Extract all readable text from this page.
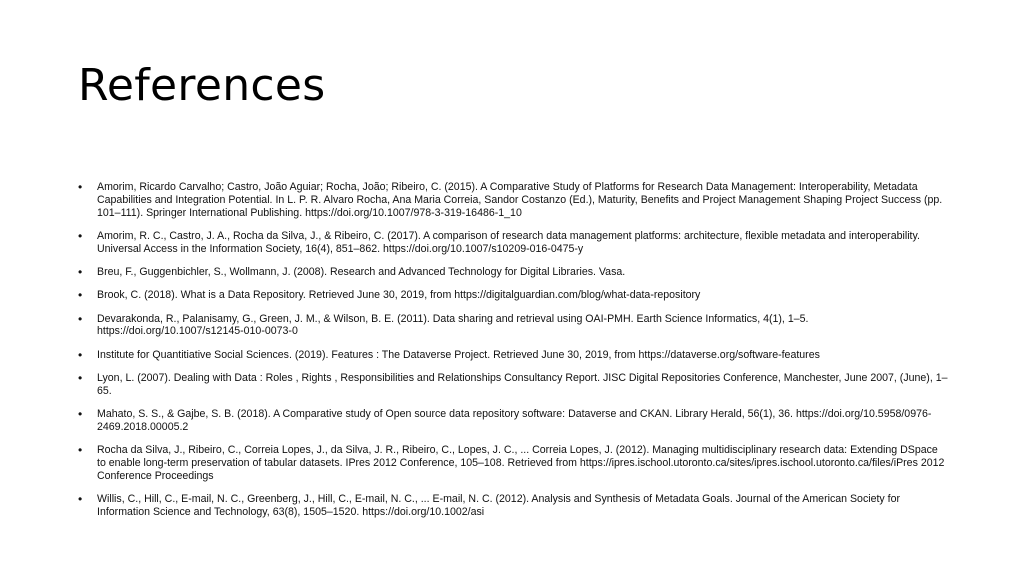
References
• Amorim, Ricardo Carvalho; Castro, João Aguiar; Rocha, João; Ribeiro, C. (2015). A Comparative Study of Platforms for Research Data Management: Interoperability, Metadata Capabilities and Integration Potential. In L. P. R. Alvaro Rocha, Ana Maria Correia, Sandor Costanzo (Ed.), Maturity, Benefits and Project Management Shaping Project Success (pp. 101–111). Springer International Publishing. https://doi.org/10.1007/978-3-319-16486-1_10
• Amorim, R. C., Castro, J. A., Rocha da Silva, J., & Ribeiro, C. (2017). A comparison of research data management platforms: architecture, flexible metadata and interoperability. Universal Access in the Information Society, 16(4), 851–862. https://doi.org/10.1007/s10209-016-0475-y
• Breu, F., Guggenbichler, S., Wollmann, J. (2008). Research and Advanced Technology for Digital Libraries. Vasa.
• Brook, C. (2018). What is a Data Repository. Retrieved June 30, 2019, from https://digitalguardian.com/blog/what-data-repository
• Devarakonda, R., Palanisamy, G., Green, J. M., & Wilson, B. E. (2011). Data sharing and retrieval using OAI-PMH. Earth Science Informatics, 4(1), 1–5. https://doi.org/10.1007/s12145-010-0073-0
• Institute for Quantitiative Social Sciences. (2019). Features : The Dataverse Project. Retrieved June 30, 2019, from https://dataverse.org/software-features
• Lyon, L. (2007). Dealing with Data : Roles , Rights , Responsibilities and Relationships Consultancy Report. JISC Digital Repositories Conference, Manchester, June 2007, (June), 1–65.
• Mahato, S. S., & Gajbe, S. B. (2018). A Comparative study of Open source data repository software: Dataverse and CKAN. Library Herald, 56(1), 36. https://doi.org/10.5958/0976-2469.2018.00005.2
• Rocha da Silva, J., Ribeiro, C., Correia Lopes, J., da Silva, J. R., Ribeiro, C., Lopes, J. C., ... Correia Lopes, J. (2012). Managing multidisciplinary research data: Extending DSpace to enable long-term preservation of tabular datasets. IPres 2012 Conference, 105–108. Retrieved from https://ipres.ischool.utoronto.ca/sites/ipres.ischool.utoronto.ca/files/iPres 2012 Conference Proceedings
• Willis, C., Hill, C., E-mail, N. C., Greenberg, J., Hill, C., E-mail, N. C., ... E-mail, N. C. (2012). Analysis and Synthesis of Metadata Goals. Journal of the American Society for Information Science and Technology, 63(8), 1505–1520. https://doi.org/10.1002/asi
